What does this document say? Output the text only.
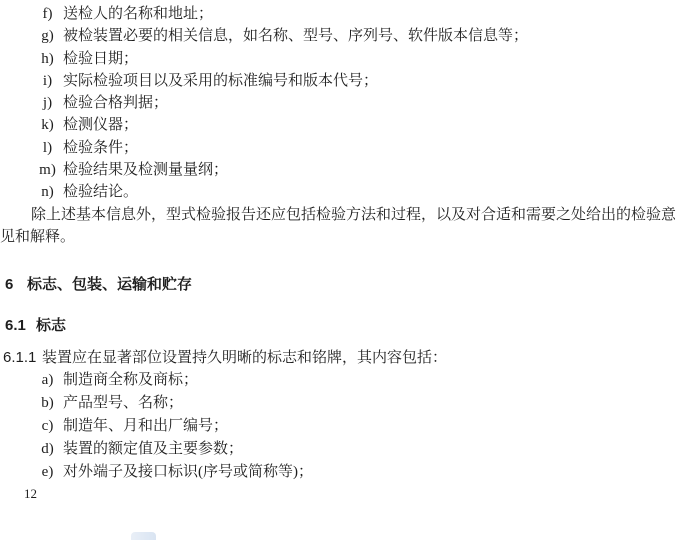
f) 送检人的名称和地址；
g) 被检装置必要的相关信息，如名称、型号、序列号、软件版本信息等；
h) 检验日期；
i) 实际检验项目以及采用的标准编号和版本代号；
j) 检验合格判据；
k) 检测仪器；
l) 检验条件；
m) 检验结果及检测量量纲；
n) 检验结论。

除上述基本信息外，型式检验报告还应包括检验方法和过程，以及对合适和需要之处给出的检验意见和解释。

6 标志、包装、运输和贮存
6.1 标志

6.1.1 装置应在显著部位设置持久明晰的标志和铭牌，其内容包括：

a) 制造商全称及商标；
b) 产品型号、名称；
c) 制造年、月和出厂编号；
d) 装置的额定值及主要参数；
e) 对外端子及接口标识(序号或简称等)；
12
